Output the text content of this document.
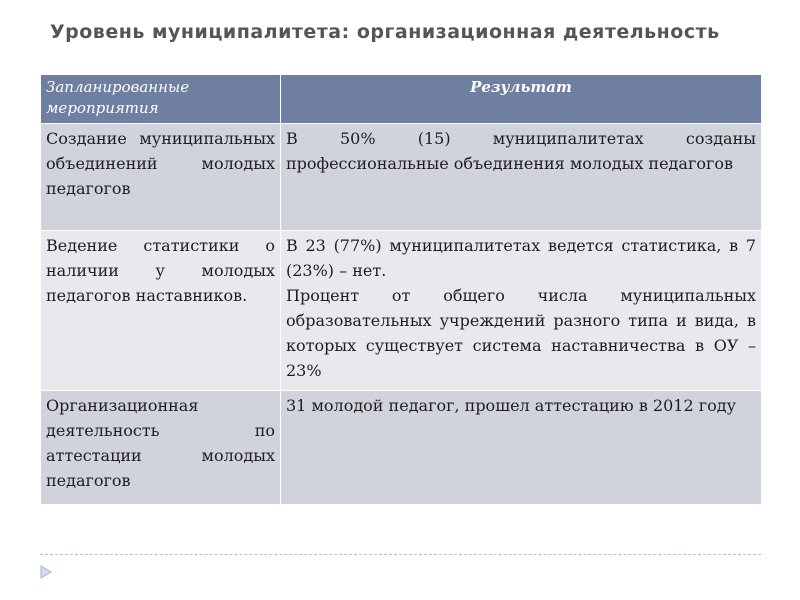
Уровень муниципалитета: организационная деятельность
Запланированные мероприятия	Результат
Создание муниципальных объединений молодых педагогов	В 50% (15) муниципалитетах созданы профессиональные объединения молодых педагогов

Ведение статистики о наличии у молодых педагогов наставников.	В 23 (77%) муниципалитетах ведется статистика, в 7 (23%) – нет.
Процент от общего числа муниципальных образовательных учреждений разного типа и вида, в которых существует система наставничества в ОУ – 23%

Организационная деятельность по аттестации молодых педагогов	31 молодой педагог, прошел аттестацию в 2012 году
